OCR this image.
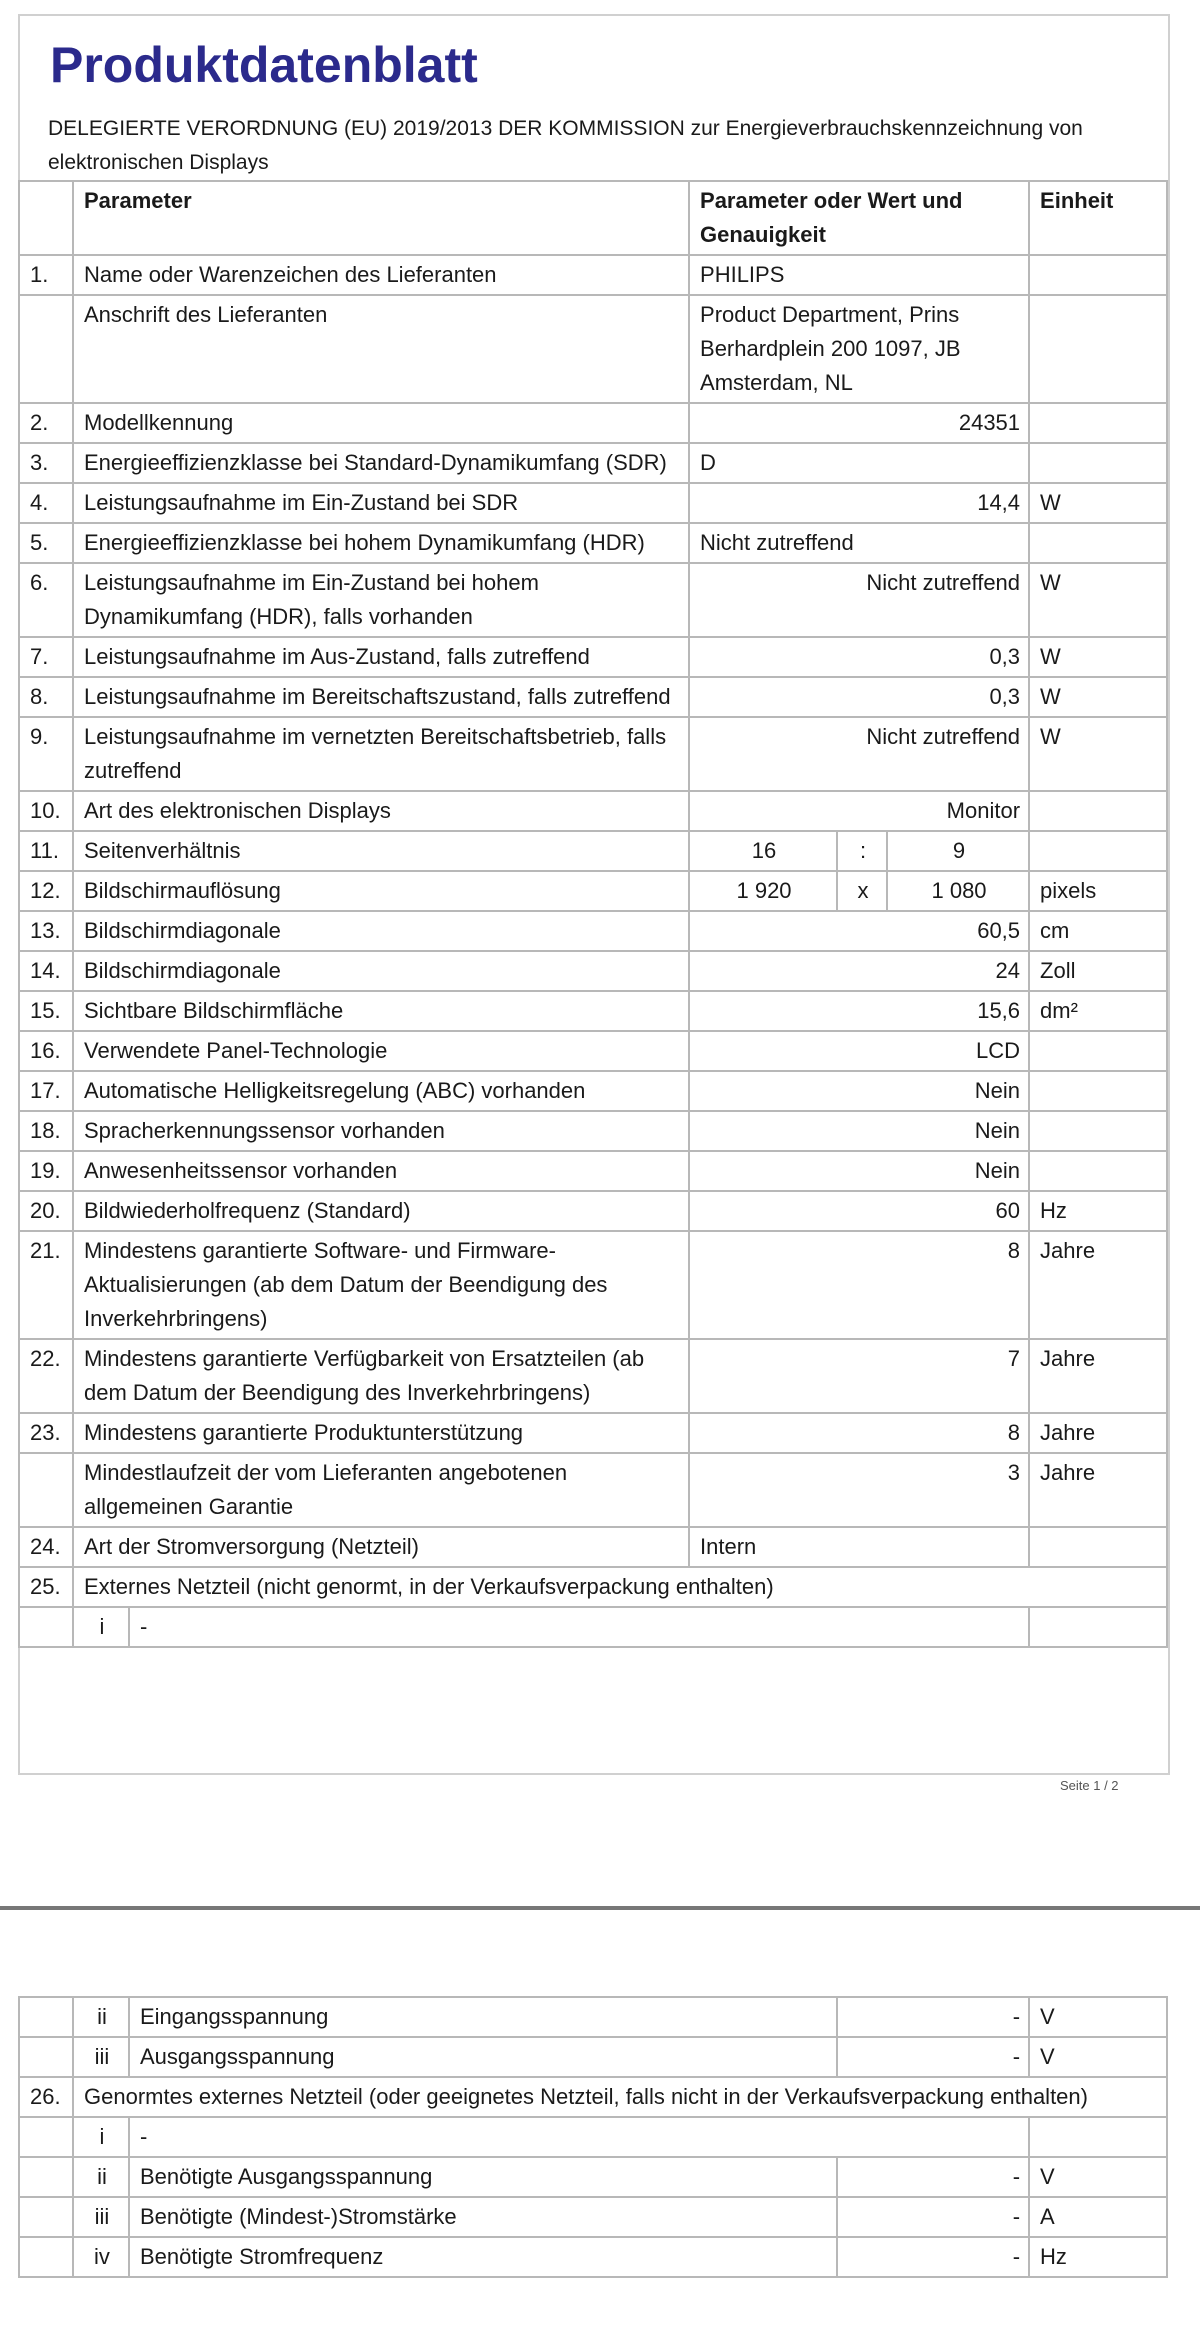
Produktdatenblatt

DELEGIERTE VERORDNUNG (EU) 2019/2013 DER KOMMISSION zur Energieverbrauchskennzeichnung von elektronischen Displays

	Parameter		Parameter oder Wert und Genauigkeit			Einheit
1.	Name oder Warenzeichen des Lieferanten		PHILIPS			
	Anschrift des Lieferanten		Product Department, Prins Berhardplein 200 1097, JB Amsterdam, NL			
2.	Modellkennung		24351			
3.	Energieeffizienzklasse bei Standard-Dynamikumfang (SDR)		D			
4.	Leistungsaufnahme im Ein-Zustand bei SDR		14,4			W
5.	Energieeffizienzklasse bei hohem Dynamikumfang (HDR)		Nicht zutreffend			
6.	Leistungsaufnahme im Ein-Zustand bei hohem Dynamikumfang (HDR), falls vorhanden		Nicht zutreffend			W
7.	Leistungsaufnahme im Aus-Zustand, falls zutreffend		0,3			W
8.	Leistungsaufnahme im Bereitschaftszustand, falls zutreffend		0,3			W
9.	Leistungsaufnahme im vernetzten Bereitschaftsbetrieb, falls zutreffend		Nicht zutreffend			W
10.	Art des elektronischen Displays		Monitor			
11.	Seitenverhältnis		16	:	9	
12.	Bildschirmauflösung		1 920	x	1 080	pixels
13.	Bildschirmdiagonale		60,5			cm
14.	Bildschirmdiagonale		24			Zoll
15.	Sichtbare Bildschirmfläche		15,6			dm²
16.	Verwendete Panel-Technologie		LCD			
17.	Automatische Helligkeitsregelung (ABC) vorhanden		Nein			
18.	Spracherkennungssensor vorhanden		Nein			
19.	Anwesenheitssensor vorhanden		Nein			
20.	Bildwiederholfrequenz (Standard)		60			Hz
21.	Mindestens garantierte Software- und Firmware-Aktualisierungen (ab dem Datum der Beendigung des Inverkehrbringens)		8			Jahre
22.	Mindestens garantierte Verfügbarkeit von Ersatzteilen (ab dem Datum der Beendigung des Inverkehrbringens)		7			Jahre
23.	Mindestens garantierte Produktunterstützung		8			Jahre
	Mindestlaufzeit der vom Lieferanten angebotenen allgemeinen Garantie		3			Jahre
24.	Art der Stromversorgung (Netzteil)		Intern			
25.	Externes Netzteil (nicht genormt, in der Verkaufsverpackung enthalten)					
	i	-				
Seite 1 / 2
	ii	Eingangsspannung	-	V
	iii	Ausgangsspannung	-	V
26.	Genormtes externes Netzteil (oder geeignetes Netzteil, falls nicht in der Verkaufsverpackung enthalten)			
	i	-		
	ii	Benötigte Ausgangsspannung	-	V
	iii	Benötigte (Mindest-)Stromstärke	-	A
	iv	Benötigte Stromfrequenz	-	Hz
